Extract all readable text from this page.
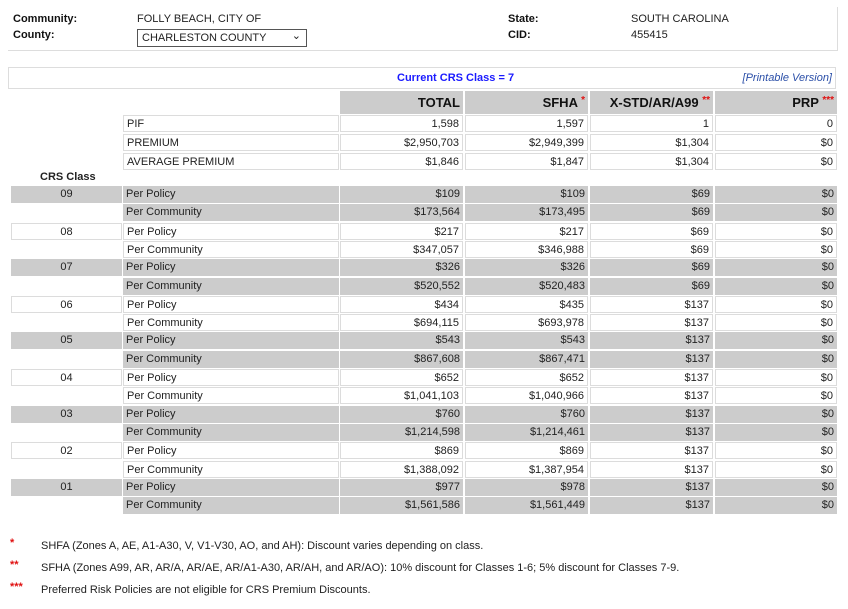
Community:	FOLLY BEACH, CITY OF
County:	CHARLESTON COUNTY ⌄
State:	SOUTH CAROLINA
CID:	455415
Current CRS Class = 7	[Printable Version]
TOTAL	SFHA *	X-STD/AR/A99 **	PRP ***
PIF	1,598	1,597	1	0
PREMIUM	$2,950,703	$2,949,399	$1,304	$0
AVERAGE PREMIUM	$1,846	$1,847	$1,304	$0
CRS Class
09	Per Policy	$109	$109	$69	$0
Per Community	$173,564	$173,495	$69	$0
08	Per Policy	$217	$217	$69	$0
Per Community	$347,057	$346,988	$69	$0
07	Per Policy	$326	$326	$69	$0
Per Community	$520,552	$520,483	$69	$0
06	Per Policy	$434	$435	$137	$0
Per Community	$694,115	$693,978	$137	$0
05	Per Policy	$543	$543	$137	$0
Per Community	$867,608	$867,471	$137	$0
04	Per Policy	$652	$652	$137	$0
Per Community	$1,041,103	$1,040,966	$137	$0
03	Per Policy	$760	$760	$137	$0
Per Community	$1,214,598	$1,214,461	$137	$0
02	Per Policy	$869	$869	$137	$0
Per Community	$1,388,092	$1,387,954	$137	$0
01	Per Policy	$977	$978	$137	$0
Per Community	$1,561,586	$1,561,449	$137	$0
* SHFA (Zones A, AE, A1-A30, V, V1-V30, AO, and AH): Discount varies depending on class.
** SFHA (Zones A99, AR, AR/A, AR/AE, AR/A1-A30, AR/AH, and AR/AO): 10% discount for Classes 1-6; 5% discount for Classes 7-9.
*** Preferred Risk Policies are not eligible for CRS Premium Discounts.
